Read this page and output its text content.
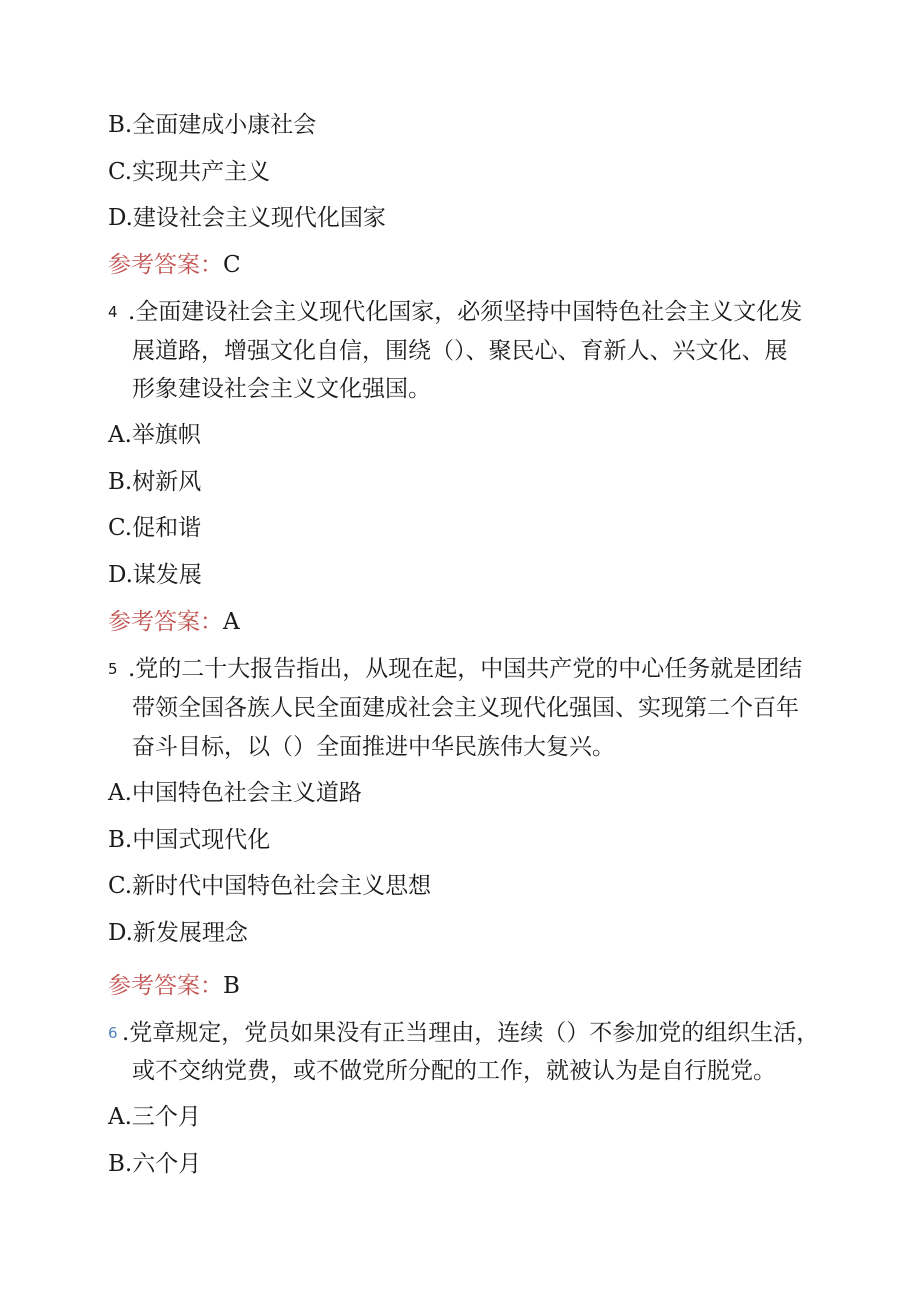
B.全面建成小康社会
C.实现共产主义
D.建设社会主义现代化国家
参考答案：C
4 .全面建设社会主义现代化国家，必须坚持中国特色社会主义文化发
展道路，增强文化自信，围绕（）、聚民心、育新人、兴文化、展
形象建设社会主义文化强国。
A.举旗帜
B.树新风
C.促和谐
D.谋发展
参考答案：A
5 .党的二十大报告指出，从现在起，中国共产党的中心任务就是团结
带领全国各族人民全面建成社会主义现代化强国、实现第二个百年
奋斗目标，以（）全面推进中华民族伟大复兴。
A.中国特色社会主义道路
B.中国式现代化
C.新时代中国特色社会主义思想
D.新发展理念
参考答案：B
6 .党章规定，党员如果没有正当理由，连续（）不参加党的组织生活，
或不交纳党费，或不做党所分配的工作，就被认为是自行脱党。
A.三个月
B.六个月
